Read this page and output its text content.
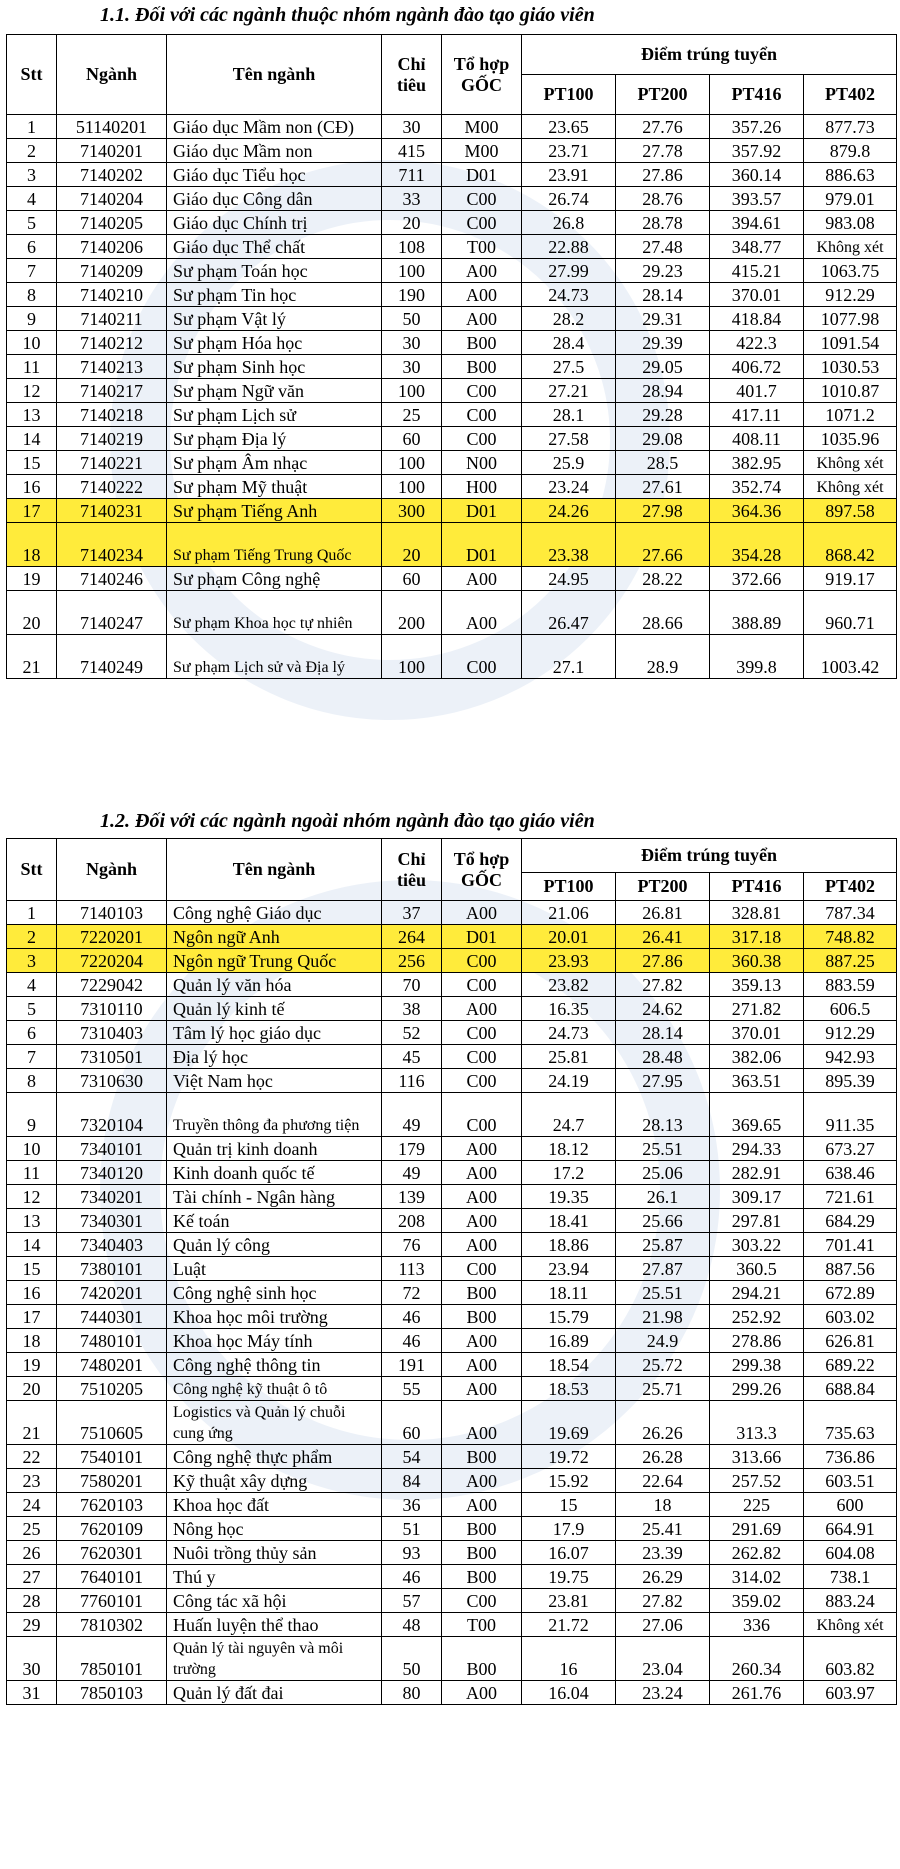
1.1. Đối với các ngành thuộc nhóm ngành đào tạo giáo viên
Stt	Ngành	Tên ngành	Chỉ
tiêu	Tổ hợp
GỐC	Điểm trúng tuyển			
					PT100	PT200	PT416	PT402
1	51140201	Giáo dục Mầm non (CĐ)	30	M00	23.65	27.76	357.26	877.73
2	7140201	Giáo dục Mầm non	415	M00	23.71	27.78	357.92	879.8
3	7140202	Giáo dục Tiểu học	711	D01	23.91	27.86	360.14	886.63
4	7140204	Giáo dục Công dân	33	C00	26.74	28.76	393.57	979.01
5	7140205	Giáo dục Chính trị	20	C00	26.8	28.78	394.61	983.08
6	7140206	Giáo dục Thể chất	108	T00	22.88	27.48	348.77	Không xét
7	7140209	Sư phạm Toán học	100	A00	27.99	29.23	415.21	1063.75
8	7140210	Sư phạm Tin học	190	A00	24.73	28.14	370.01	912.29
9	7140211	Sư phạm Vật lý	50	A00	28.2	29.31	418.84	1077.98
10	7140212	Sư phạm Hóa học	30	B00	28.4	29.39	422.3	1091.54
11	7140213	Sư phạm Sinh học	30	B00	27.5	29.05	406.72	1030.53
12	7140217	Sư phạm Ngữ văn	100	C00	27.21	28.94	401.7	1010.87
13	7140218	Sư phạm Lịch sử	25	C00	28.1	29.28	417.11	1071.2
14	7140219	Sư phạm Địa lý	60	C00	27.58	29.08	408.11	1035.96
15	7140221	Sư phạm Âm nhạc	100	N00	25.9	28.5	382.95	Không xét
16	7140222	Sư phạm Mỹ thuật	100	H00	23.24	27.61	352.74	Không xét
17	7140231	Sư phạm Tiếng Anh	300	D01	24.26	27.98	364.36	897.58
18	7140234	Sư phạm Tiếng Trung Quốc	20	D01	23.38	27.66	354.28	868.42
19	7140246	Sư phạm Công nghệ	60	A00	24.95	28.22	372.66	919.17
20	7140247	Sư phạm Khoa học tự nhiên	200	A00	26.47	28.66	388.89	960.71
21	7140249	Sư phạm Lịch sử và Địa lý	100	C00	27.1	28.9	399.8	1003.42
1.2. Đối với các ngành ngoài nhóm ngành đào tạo giáo viên
Stt	Ngành	Tên ngành	Chỉ
tiêu	Tổ hợp
GỐC	Điểm trúng tuyển			
					PT100	PT200	PT416	PT402
1	7140103	Công nghệ Giáo dục	37	A00	21.06	26.81	328.81	787.34
2	7220201	Ngôn ngữ Anh	264	D01	20.01	26.41	317.18	748.82
3	7220204	Ngôn ngữ Trung Quốc	256	C00	23.93	27.86	360.38	887.25
4	7229042	Quản lý văn hóa	70	C00	23.82	27.82	359.13	883.59
5	7310110	Quản lý kinh tế	38	A00	16.35	24.62	271.82	606.5
6	7310403	Tâm lý học giáo dục	52	C00	24.73	28.14	370.01	912.29
7	7310501	Địa lý học	45	C00	25.81	28.48	382.06	942.93
8	7310630	Việt Nam học	116	C00	24.19	27.95	363.51	895.39
9	7320104	Truyền thông đa phương tiện	49	C00	24.7	28.13	369.65	911.35
10	7340101	Quản trị kinh doanh	179	A00	18.12	25.51	294.33	673.27
11	7340120	Kinh doanh quốc tế	49	A00	17.2	25.06	282.91	638.46
12	7340201	Tài chính - Ngân hàng	139	A00	19.35	26.1	309.17	721.61
13	7340301	Kế toán	208	A00	18.41	25.66	297.81	684.29
14	7340403	Quản lý công	76	A00	18.86	25.87	303.22	701.41
15	7380101	Luật	113	C00	23.94	27.87	360.5	887.56
16	7420201	Công nghệ sinh học	72	B00	18.11	25.51	294.21	672.89
17	7440301	Khoa học môi trường	46	B00	15.79	21.98	252.92	603.02
18	7480101	Khoa học Máy tính	46	A00	16.89	24.9	278.86	626.81
19	7480201	Công nghệ thông tin	191	A00	18.54	25.72	299.38	689.22
20	7510205	Công nghệ kỹ thuật ô tô	55	A00	18.53	25.71	299.26	688.84
21	7510605	Logistics và Quản lý chuỗi cung ứng	60	A00	19.69	26.26	313.3	735.63
22	7540101	Công nghệ thực phẩm	54	B00	19.72	26.28	313.66	736.86
23	7580201	Kỹ thuật xây dựng	84	A00	15.92	22.64	257.52	603.51
24	7620103	Khoa học đất	36	A00	15	18	225	600
25	7620109	Nông học	51	B00	17.9	25.41	291.69	664.91
26	7620301	Nuôi trồng thủy sản	93	B00	16.07	23.39	262.82	604.08
27	7640101	Thú y	46	B00	19.75	26.29	314.02	738.1
28	7760101	Công tác xã hội	57	C00	23.81	27.82	359.02	883.24
29	7810302	Huấn luyện thể thao	48	T00	21.72	27.06	336	Không xét
30	7850101	Quản lý tài nguyên và môi trường	50	B00	16	23.04	260.34	603.82
31	7850103	Quản lý đất đai	80	A00	16.04	23.24	261.76	603.97
